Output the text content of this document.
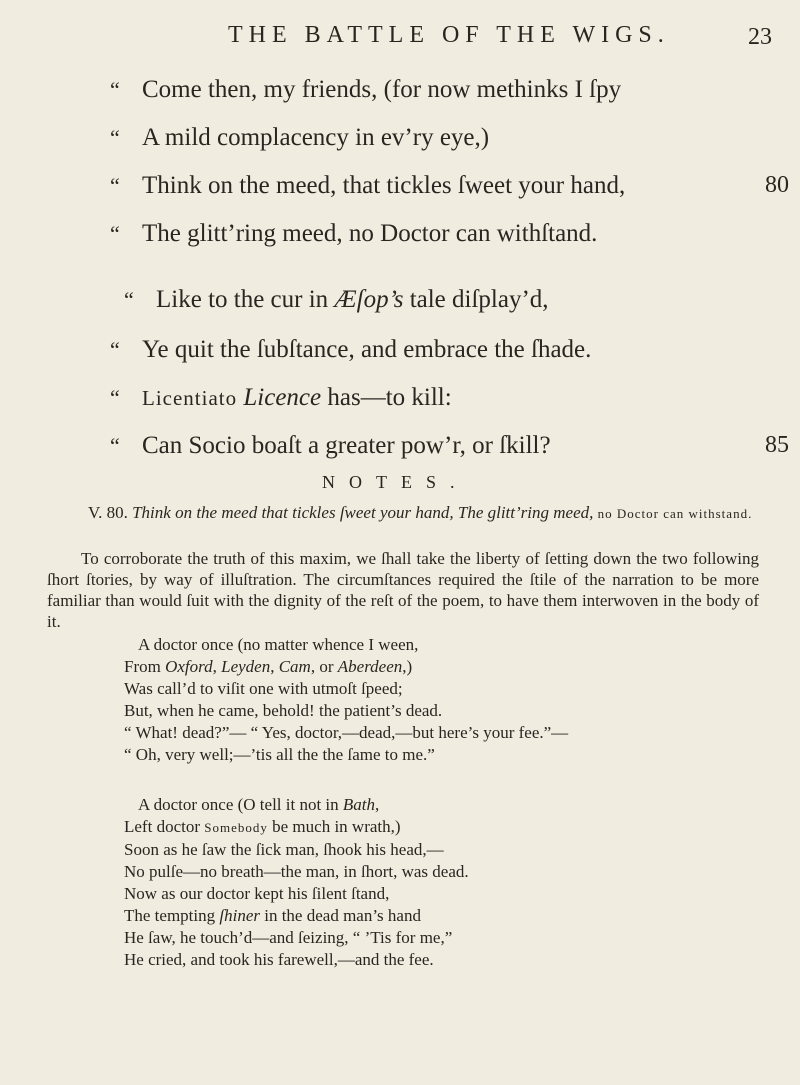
THE BATTLE OF THE WIGS.	23
“ Come then, my friends, (for now methinks I ſpy
“ A mild complacency in ev’ry eye,)
“ Think on the meed, that tickles ſweet your hand,	80
“ The glitt’ring meed, no Doctor can withſtand.
“ Like to the cur in Æſop’s tale diſplay’d,
“ Ye quit the ſubſtance, and embrace the ſhade.
“ Licentiato Licence has—to kill:
“ Can Socio boaſt a greater pow’r, or ſkill?	85
NOTES.
V. 80. Think on the meed that tickles ſweet your hand, The glitt’ring meed, no Doctor can withstand.
To corroborate the truth of this maxim, we ſhall take the liberty of ſetting down the two following ſhort ſtories, by way of illuſtration. The circumſtances required the ſtile of the narration to be more familiar than would ſuit with the dignity of the reſt of the poem, to have them interwoven in the body of it.
A doctor once (no matter whence I ween,
From Oxford, Leyden, Cam, or Aberdeen,)
Was call’d to viſit one with utmoſt ſpeed;
But, when he came, behold! the patient’s dead.
“ What! dead?”— “ Yes, doctor,—dead,—but here’s your fee.”—
“ Oh, very well;—’tis all the the ſame to me.”
A doctor once (O tell it not in Bath,
Left doctor Somebody be much in wrath,)
Soon as he ſaw the ſick man, ſhook his head,—
No pulſe—no breath—the man, in ſhort, was dead.
Now as our doctor kept his ſilent ſtand,
The tempting ſhiner in the dead man’s hand
He ſaw, he touch’d—and ſeizing, “ ’Tis for me,”
He cried, and took his farewell,—and the fee.
